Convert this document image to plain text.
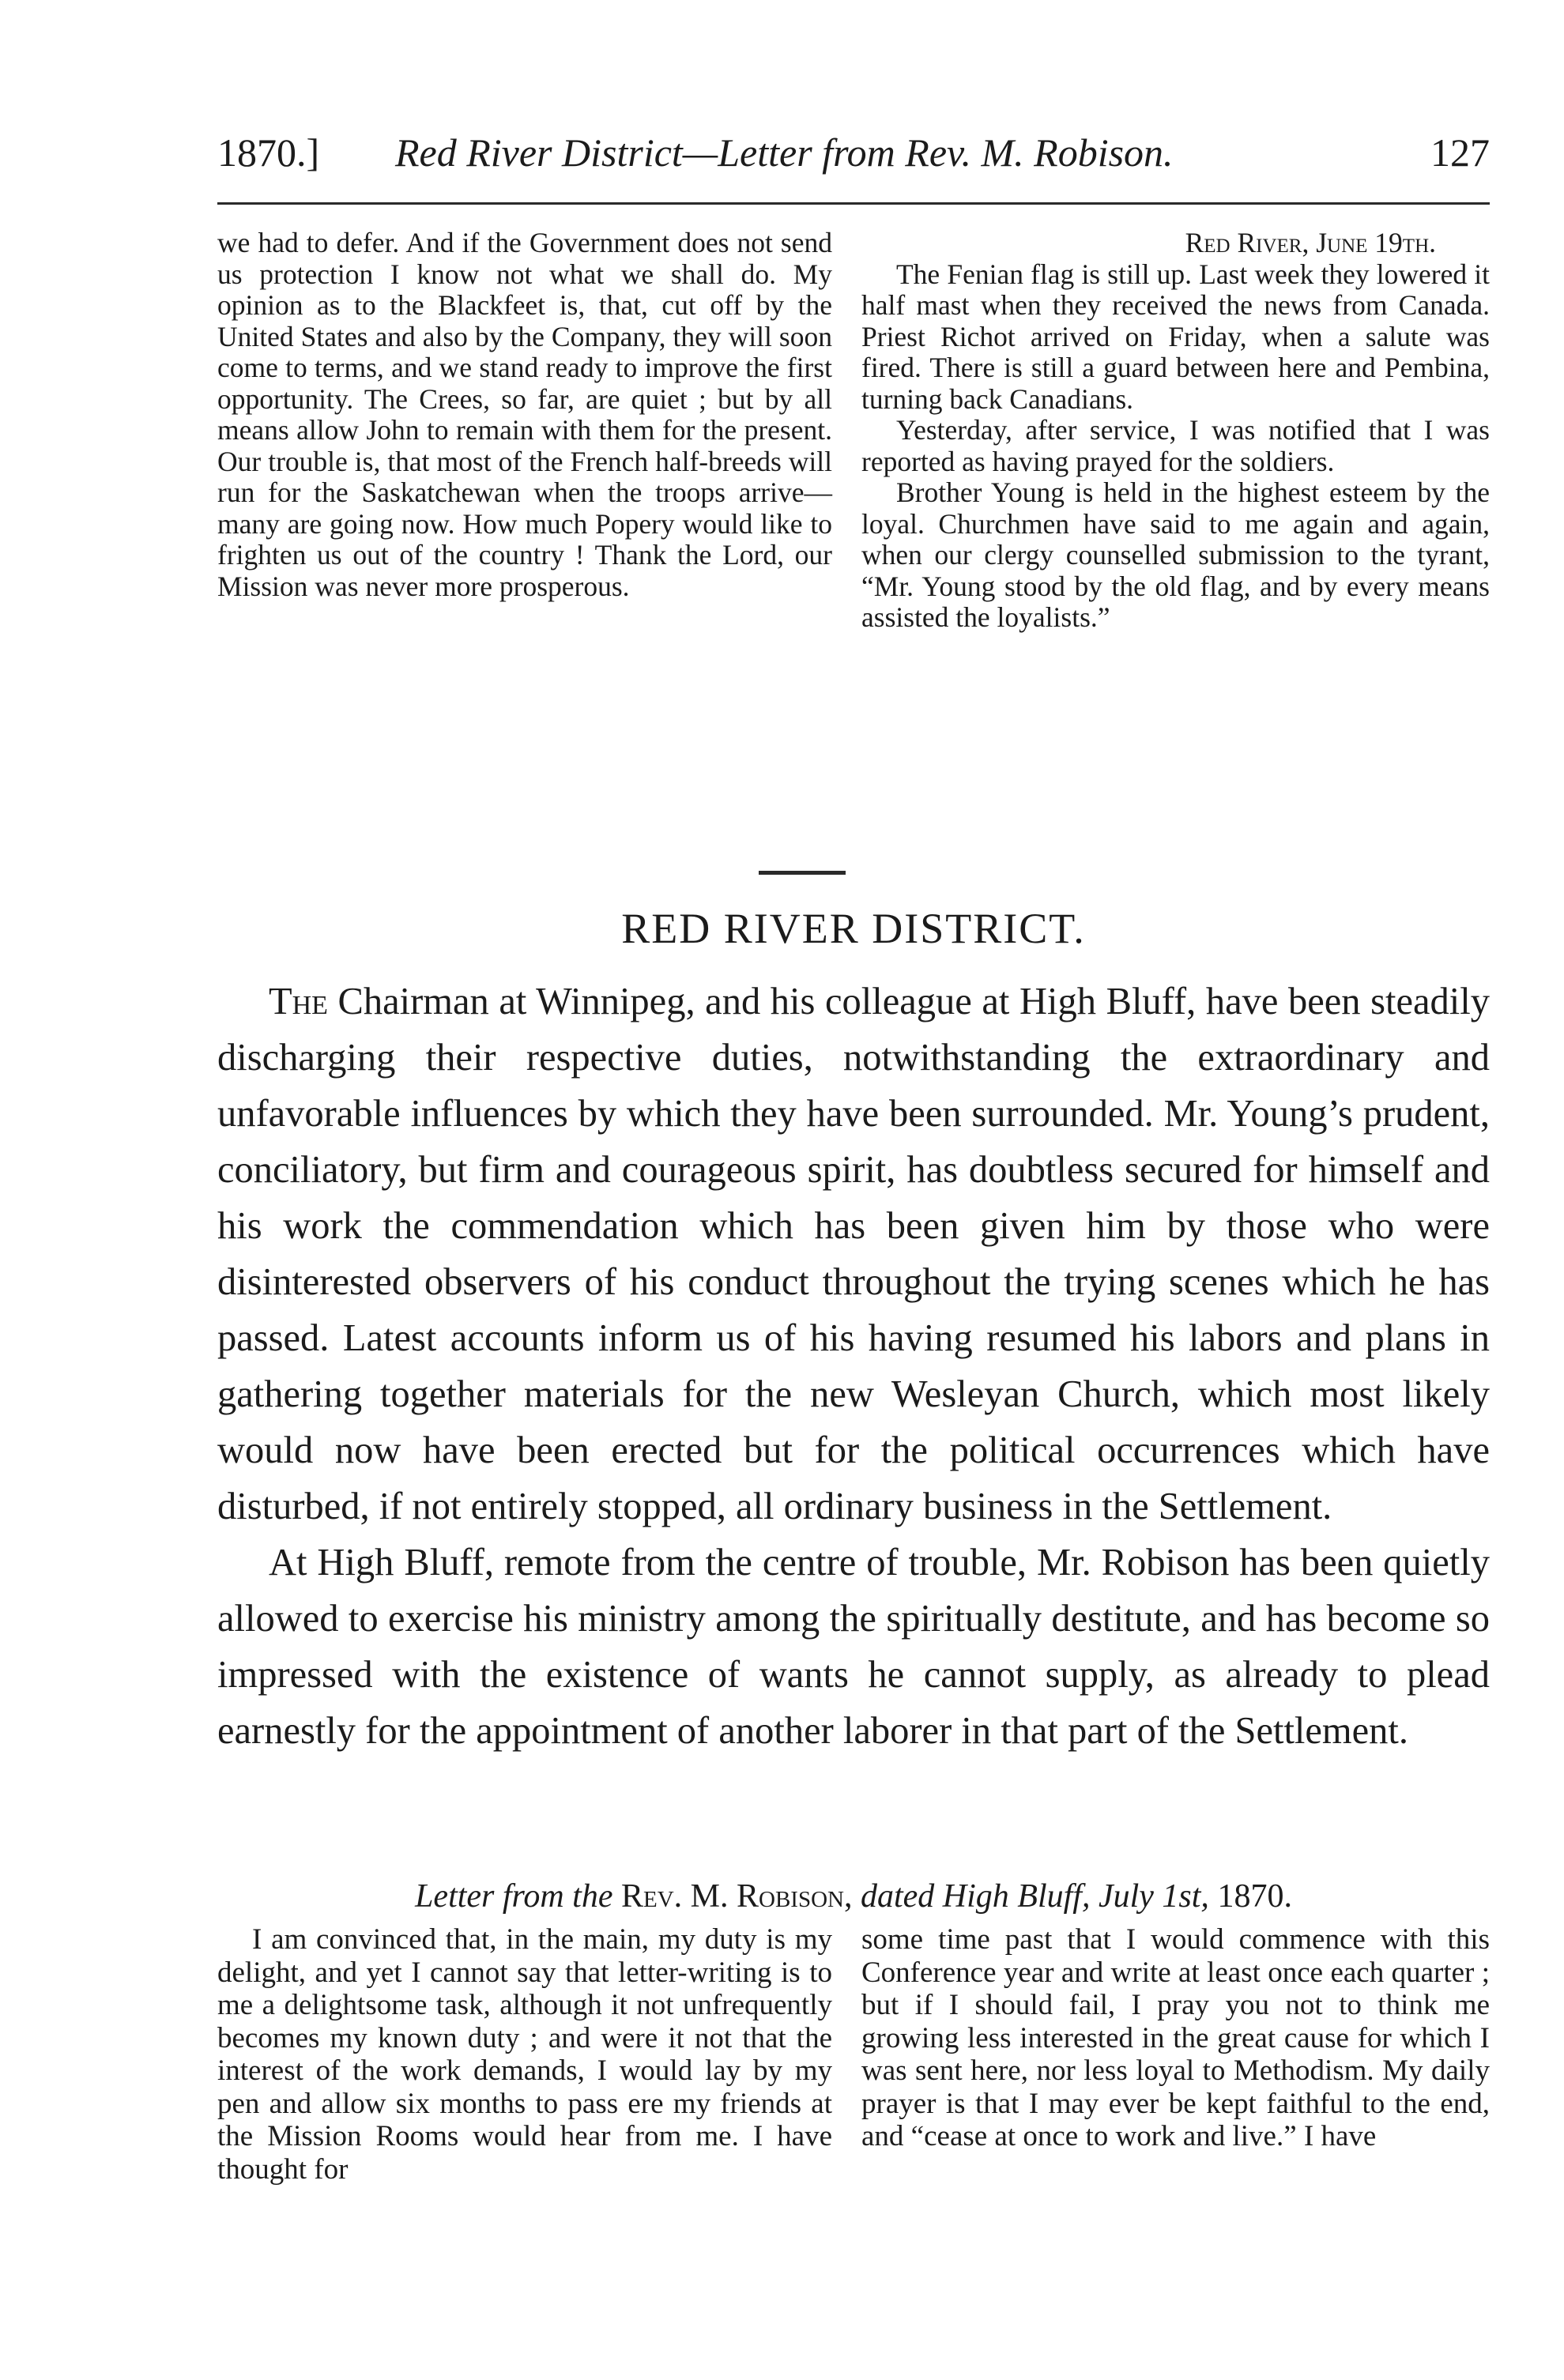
1870.] Red River District—Letter from Rev. M. Robison.	127

we had to defer. And if the Government does not send us protection I know not what we shall do. My opinion as to the Blackfeet is, that, cut off by the United States and also by the Company, they will soon come to terms, and we stand ready to improve the first opportunity. The Crees, so far, are quiet ; but by all means allow John to remain with them for the present. Our trouble is, that most of the French half-breeds will run for the Saskatchewan when the troops arrive—many are going now. How much Popery would like to frighten us out of the country ! Thank the Lord, our Mission was never more prosperous.

Red River, June 19th.

The Fenian flag is still up. Last week they lowered it half mast when they received the news from Canada. Priest Richot arrived on Friday, when a salute was fired. There is still a guard between here and Pembina, turning back Canadians.

Yesterday, after service, I was notified that I was reported as having prayed for the soldiers.

Brother Young is held in the highest esteem by the loyal. Churchmen have said to me again and again, when our clergy counselled submission to the tyrant, “Mr. Young stood by the old flag, and by every means assisted the loyalists.”

RED RIVER DISTRICT.

The Chairman at Winnipeg, and his colleague at High Bluff, have been steadily discharging their respective duties, notwithstanding the extraordinary and unfavorable influences by which they have been surrounded. Mr. Young’s prudent, conciliatory, but firm and courageous spirit, has doubtless secured for himself and his work the commendation which has been given him by those who were disinterested observers of his conduct throughout the trying scenes which he has passed. Latest accounts inform us of his having resumed his labors and plans in gathering together materials for the new Wesleyan Church, which most likely would now have been erected but for the political occurrences which have disturbed, if not entirely stopped, all ordinary business in the Settlement.

At High Bluff, remote from the centre of trouble, Mr. Robison has been quietly allowed to exercise his ministry among the spiritually destitute, and has become so impressed with the existence of wants he cannot supply, as already to plead earnestly for the appointment of another laborer in that part of the Settlement.

Letter from the Rev. M. Robison, dated High Bluff, July 1st, 1870.

I am convinced that, in the main, my duty is my delight, and yet I cannot say that letter-writing is to me a delightsome task, although it not unfrequently becomes my known duty ; and were it not that the interest of the work demands, I would lay by my pen and allow six months to pass ere my friends at the Mission Rooms would hear from me. I have thought for

some time past that I would commence with this Conference year and write at least once each quarter ; but if I should fail, I pray you not to think me growing less interested in the great cause for which I was sent here, nor less loyal to Methodism. My daily prayer is that I may ever be kept faithful to the end, and “cease at once to work and live.” I have
